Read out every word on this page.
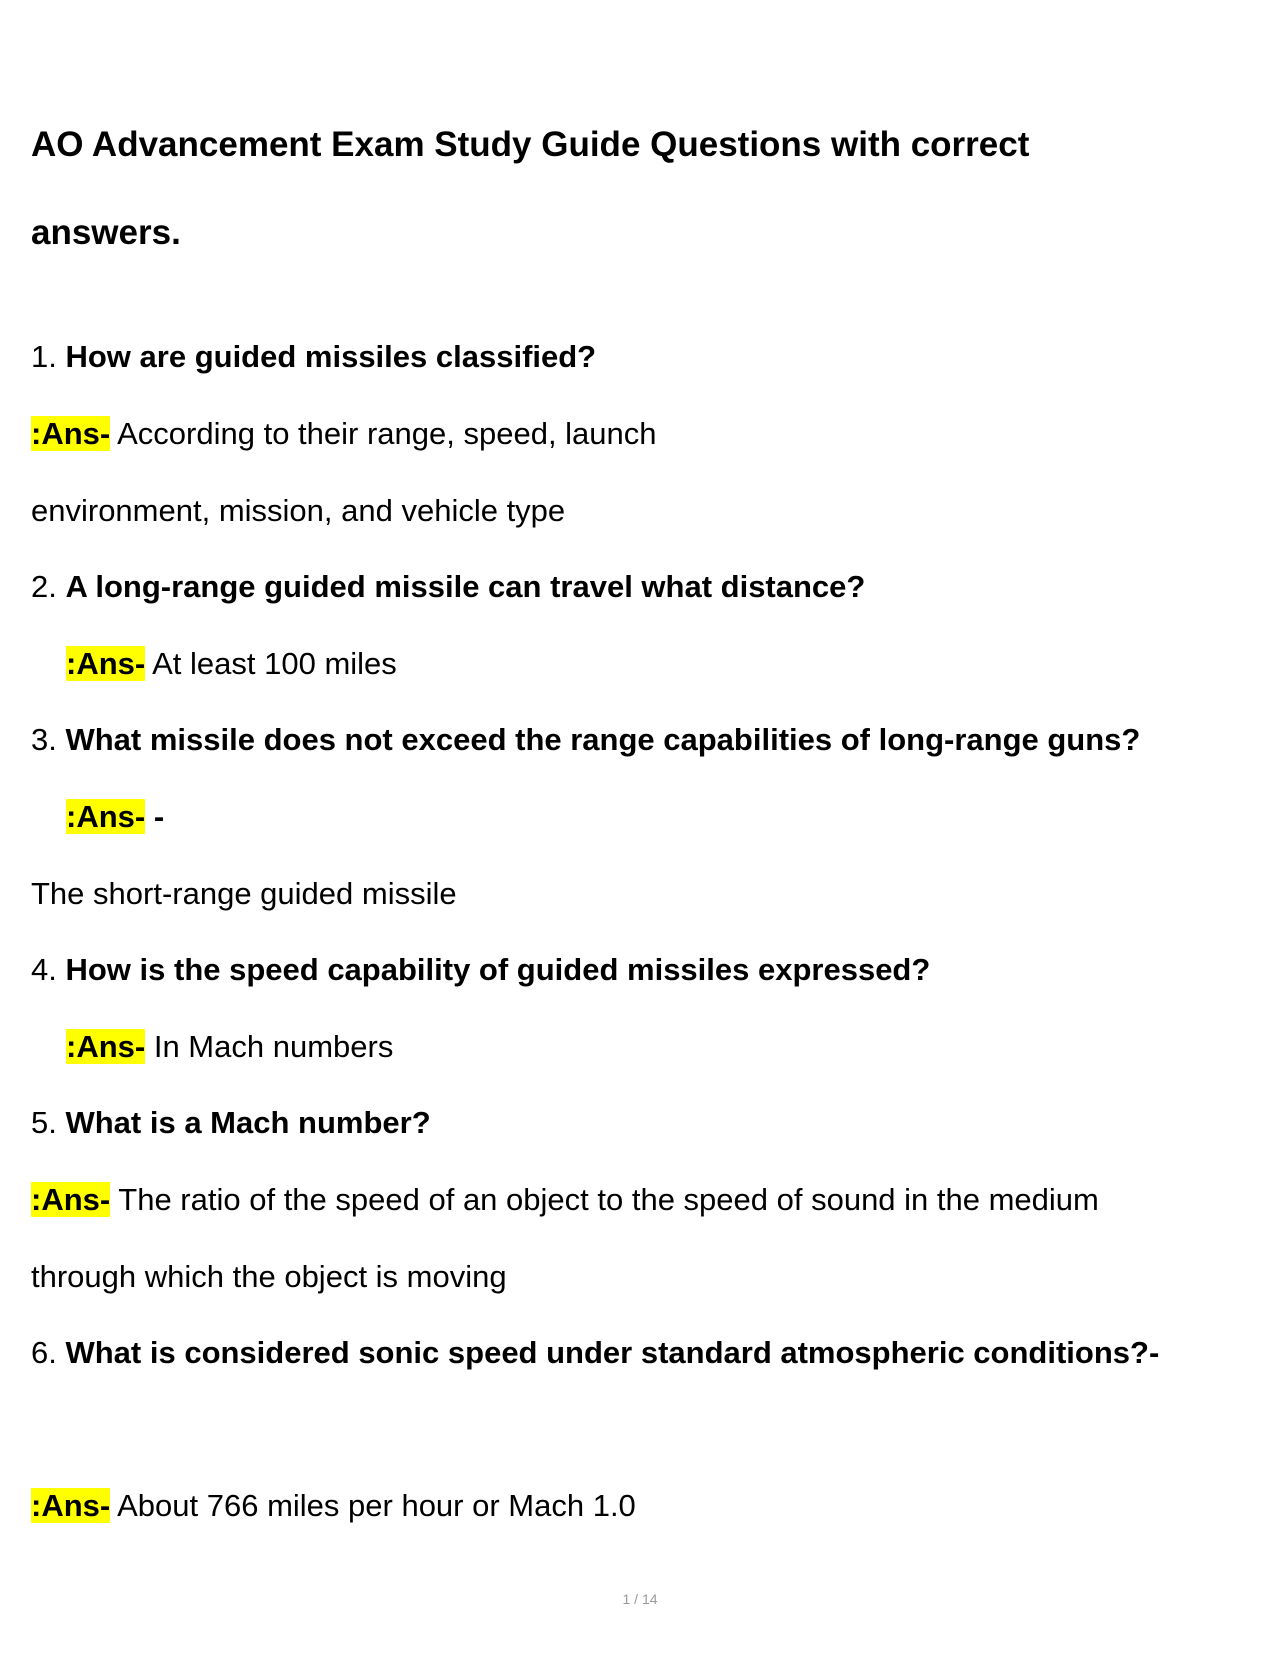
AO Advancement Exam Study Guide Questions with correct
answers.
1. How are guided missiles classified?
:Ans- According to their range, speed, launch
environment, mission, and vehicle type
2. A long-range guided missile can travel what distance?
:Ans- At least 100 miles
3. What missile does not exceed the range capabilities of long-range guns?
:Ans- -
The short-range guided missile
4. How is the speed capability of guided missiles expressed?
:Ans- In Mach numbers
5. What is a Mach number?
:Ans- The ratio of the speed of an object to the speed of sound in the medium
through which the object is moving
6. What is considered sonic speed under standard atmospheric conditions?-
:Ans- About 766 miles per hour or Mach 1.0
1 / 14
